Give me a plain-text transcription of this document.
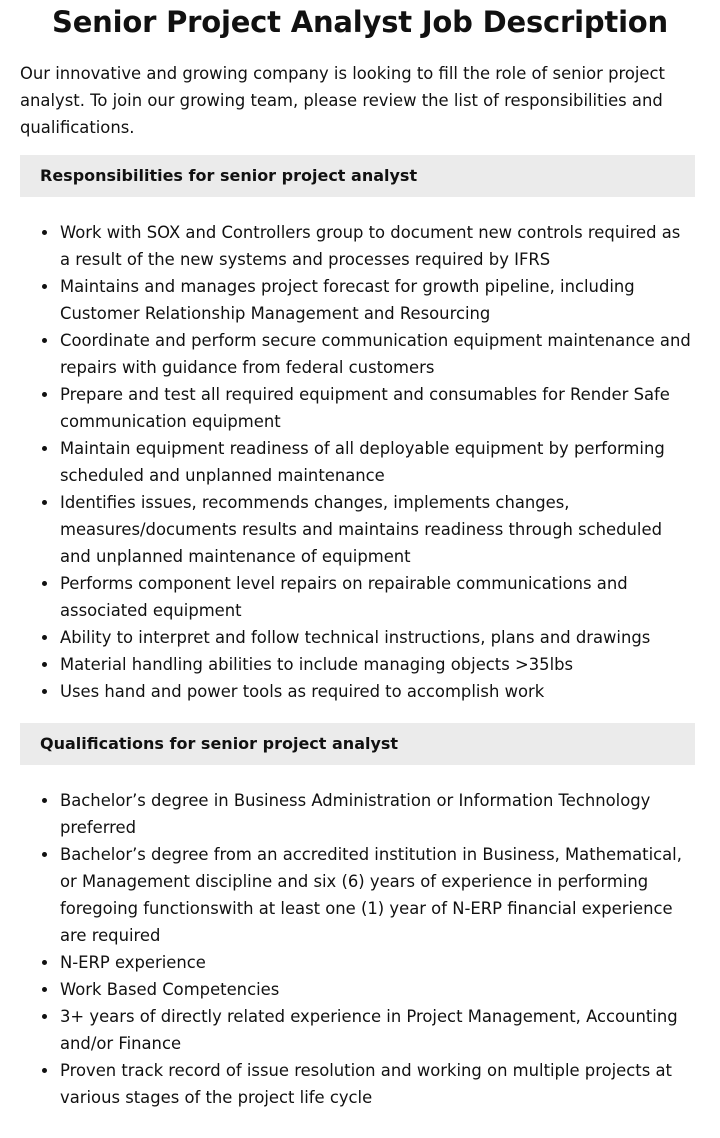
Senior Project Analyst Job Description

Our innovative and growing company is looking to fill the role of senior project analyst. To join our growing team, please review the list of responsibilities and qualifications.

Responsibilities for senior project analyst
Work with SOX and Controllers group to document new controls required as a result of the new systems and processes required by IFRS
Maintains and manages project forecast for growth pipeline, including Customer Relationship Management and Resourcing
Coordinate and perform secure communication equipment maintenance and repairs with guidance from federal customers
Prepare and test all required equipment and consumables for Render Safe communication equipment
Maintain equipment readiness of all deployable equipment by performing scheduled and unplanned maintenance
Identifies issues, recommends changes, implements changes, measures/documents results and maintains readiness through scheduled and unplanned maintenance of equipment
Performs component level repairs on repairable communications and associated equipment
Ability to interpret and follow technical instructions, plans and drawings
Material handling abilities to include managing objects >35lbs
Uses hand and power tools as required to accomplish work
Qualifications for senior project analyst
Bachelor’s degree in Business Administration or Information Technology preferred
Bachelor’s degree from an accredited institution in Business, Mathematical, or Management discipline and six (6) years of experience in performing foregoing functionswith at least one (1) year of N-ERP financial experience are required
N-ERP experience
Work Based Competencies
3+ years of directly related experience in Project Management, Accounting and/or Finance
Proven track record of issue resolution and working on multiple projects at various stages of the project life cycle
